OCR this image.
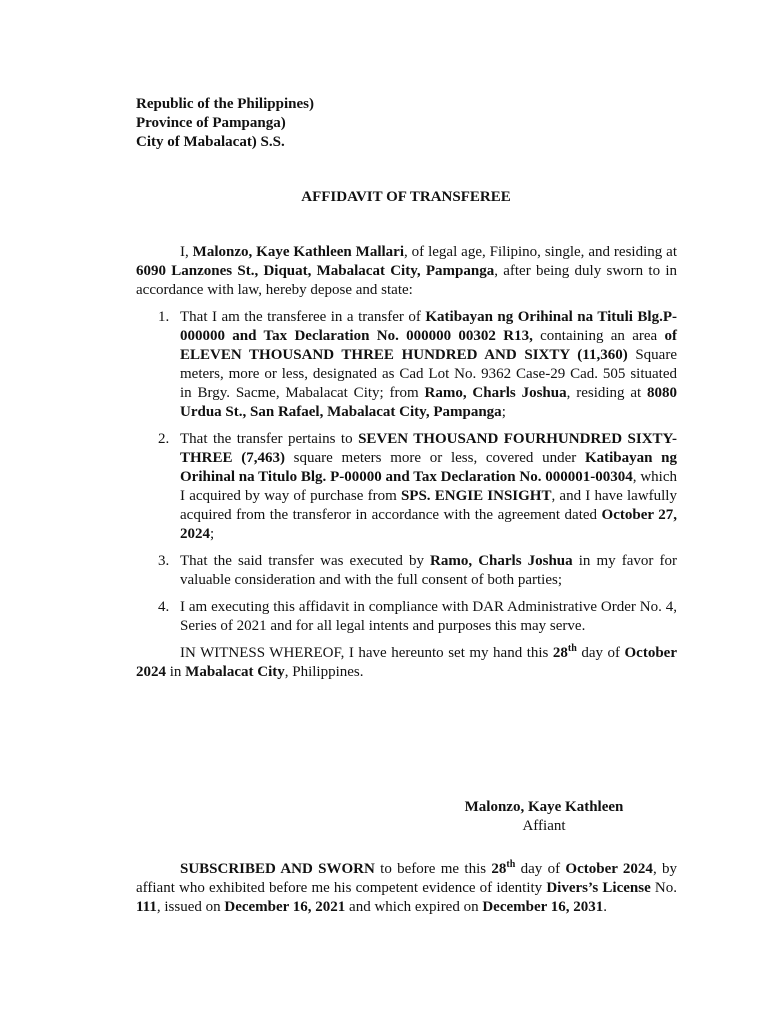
Republic of the Philippines)
Province of Pampanga)
City of Mabalacat) S.S.
AFFIDAVIT OF TRANSFEREE

I, Malonzo, Kaye Kathleen Mallari, of legal age, Filipino, single, and residing at 6090 Lanzones St., Diquat, Mabalacat City, Pampanga, after being duly sworn to in accordance with law, hereby depose and state:

1. That I am the transferee in a transfer of Katibayan ng Orihinal na Tituli Blg.P-000000 and Tax Declaration No. 000000 00302 R13, containing an area of ELEVEN THOUSAND THREE HUNDRED AND SIXTY (11,360) Square meters, more or less, designated as Cad Lot No. 9362 Case-29 Cad. 505 situated in Brgy. Sacme, Mabalacat City; from Ramo, Charls Joshua, residing at 8080 Urdua St., San Rafael, Mabalacat City, Pampanga;
2. That the transfer pertains to SEVEN THOUSAND FOURHUNDRED SIXTY-THREE (7,463) square meters more or less, covered under Katibayan ng Orihinal na Titulo Blg. P-00000 and Tax Declaration No. 000001-00304, which I acquired by way of purchase from SPS. ENGIE INSIGHT, and I have lawfully acquired from the transferor in accordance with the agreement dated October 27, 2024;
3. That the said transfer was executed by Ramo, Charls Joshua in my favor for valuable consideration and with the full consent of both parties;
4. I am executing this affidavit in compliance with DAR Administrative Order No. 4, Series of 2021 and for all legal intents and purposes this may serve.

IN WITNESS WHEREOF, I have hereunto set my hand this 28th day of October 2024 in Mabalacat City, Philippines.

Malonzo, Kaye Kathleen
Affiant

SUBSCRIBED AND SWORN to before me this 28th day of October 2024, by affiant who exhibited before me his competent evidence of identity Divers’s License No. 111, issued on December 16, 2021 and which expired on December 16, 2031.
